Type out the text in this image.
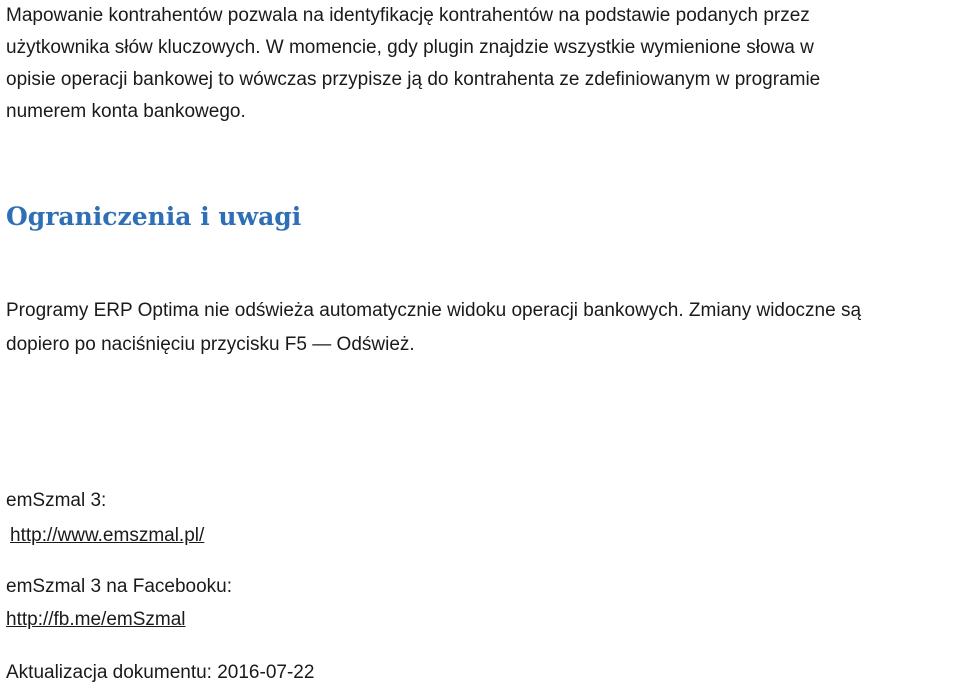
Mapowanie kontrahentów pozwala na identyfikację kontrahentów na podstawie podanych przez
użytkownika słów kluczowych. W momencie, gdy plugin znajdzie wszystkie wymienione słowa w
opisie operacji bankowej to wówczas przypisze ją do kontrahenta ze zdefiniowanym w programie
numerem konta bankowego.

Ograniczenia i uwagi

Programy ERP Optima nie odświeża automatycznie widoku operacji bankowych. Zmiany widoczne są
dopiero po naciśnięciu przycisku F5 — Odśwież.

emSzmal 3:

http://www.emszmal.pl/

emSzmal 3 na Facebooku:

http://fb.me/emSzmal

Aktualizacja dokumentu: 2016-07-22
